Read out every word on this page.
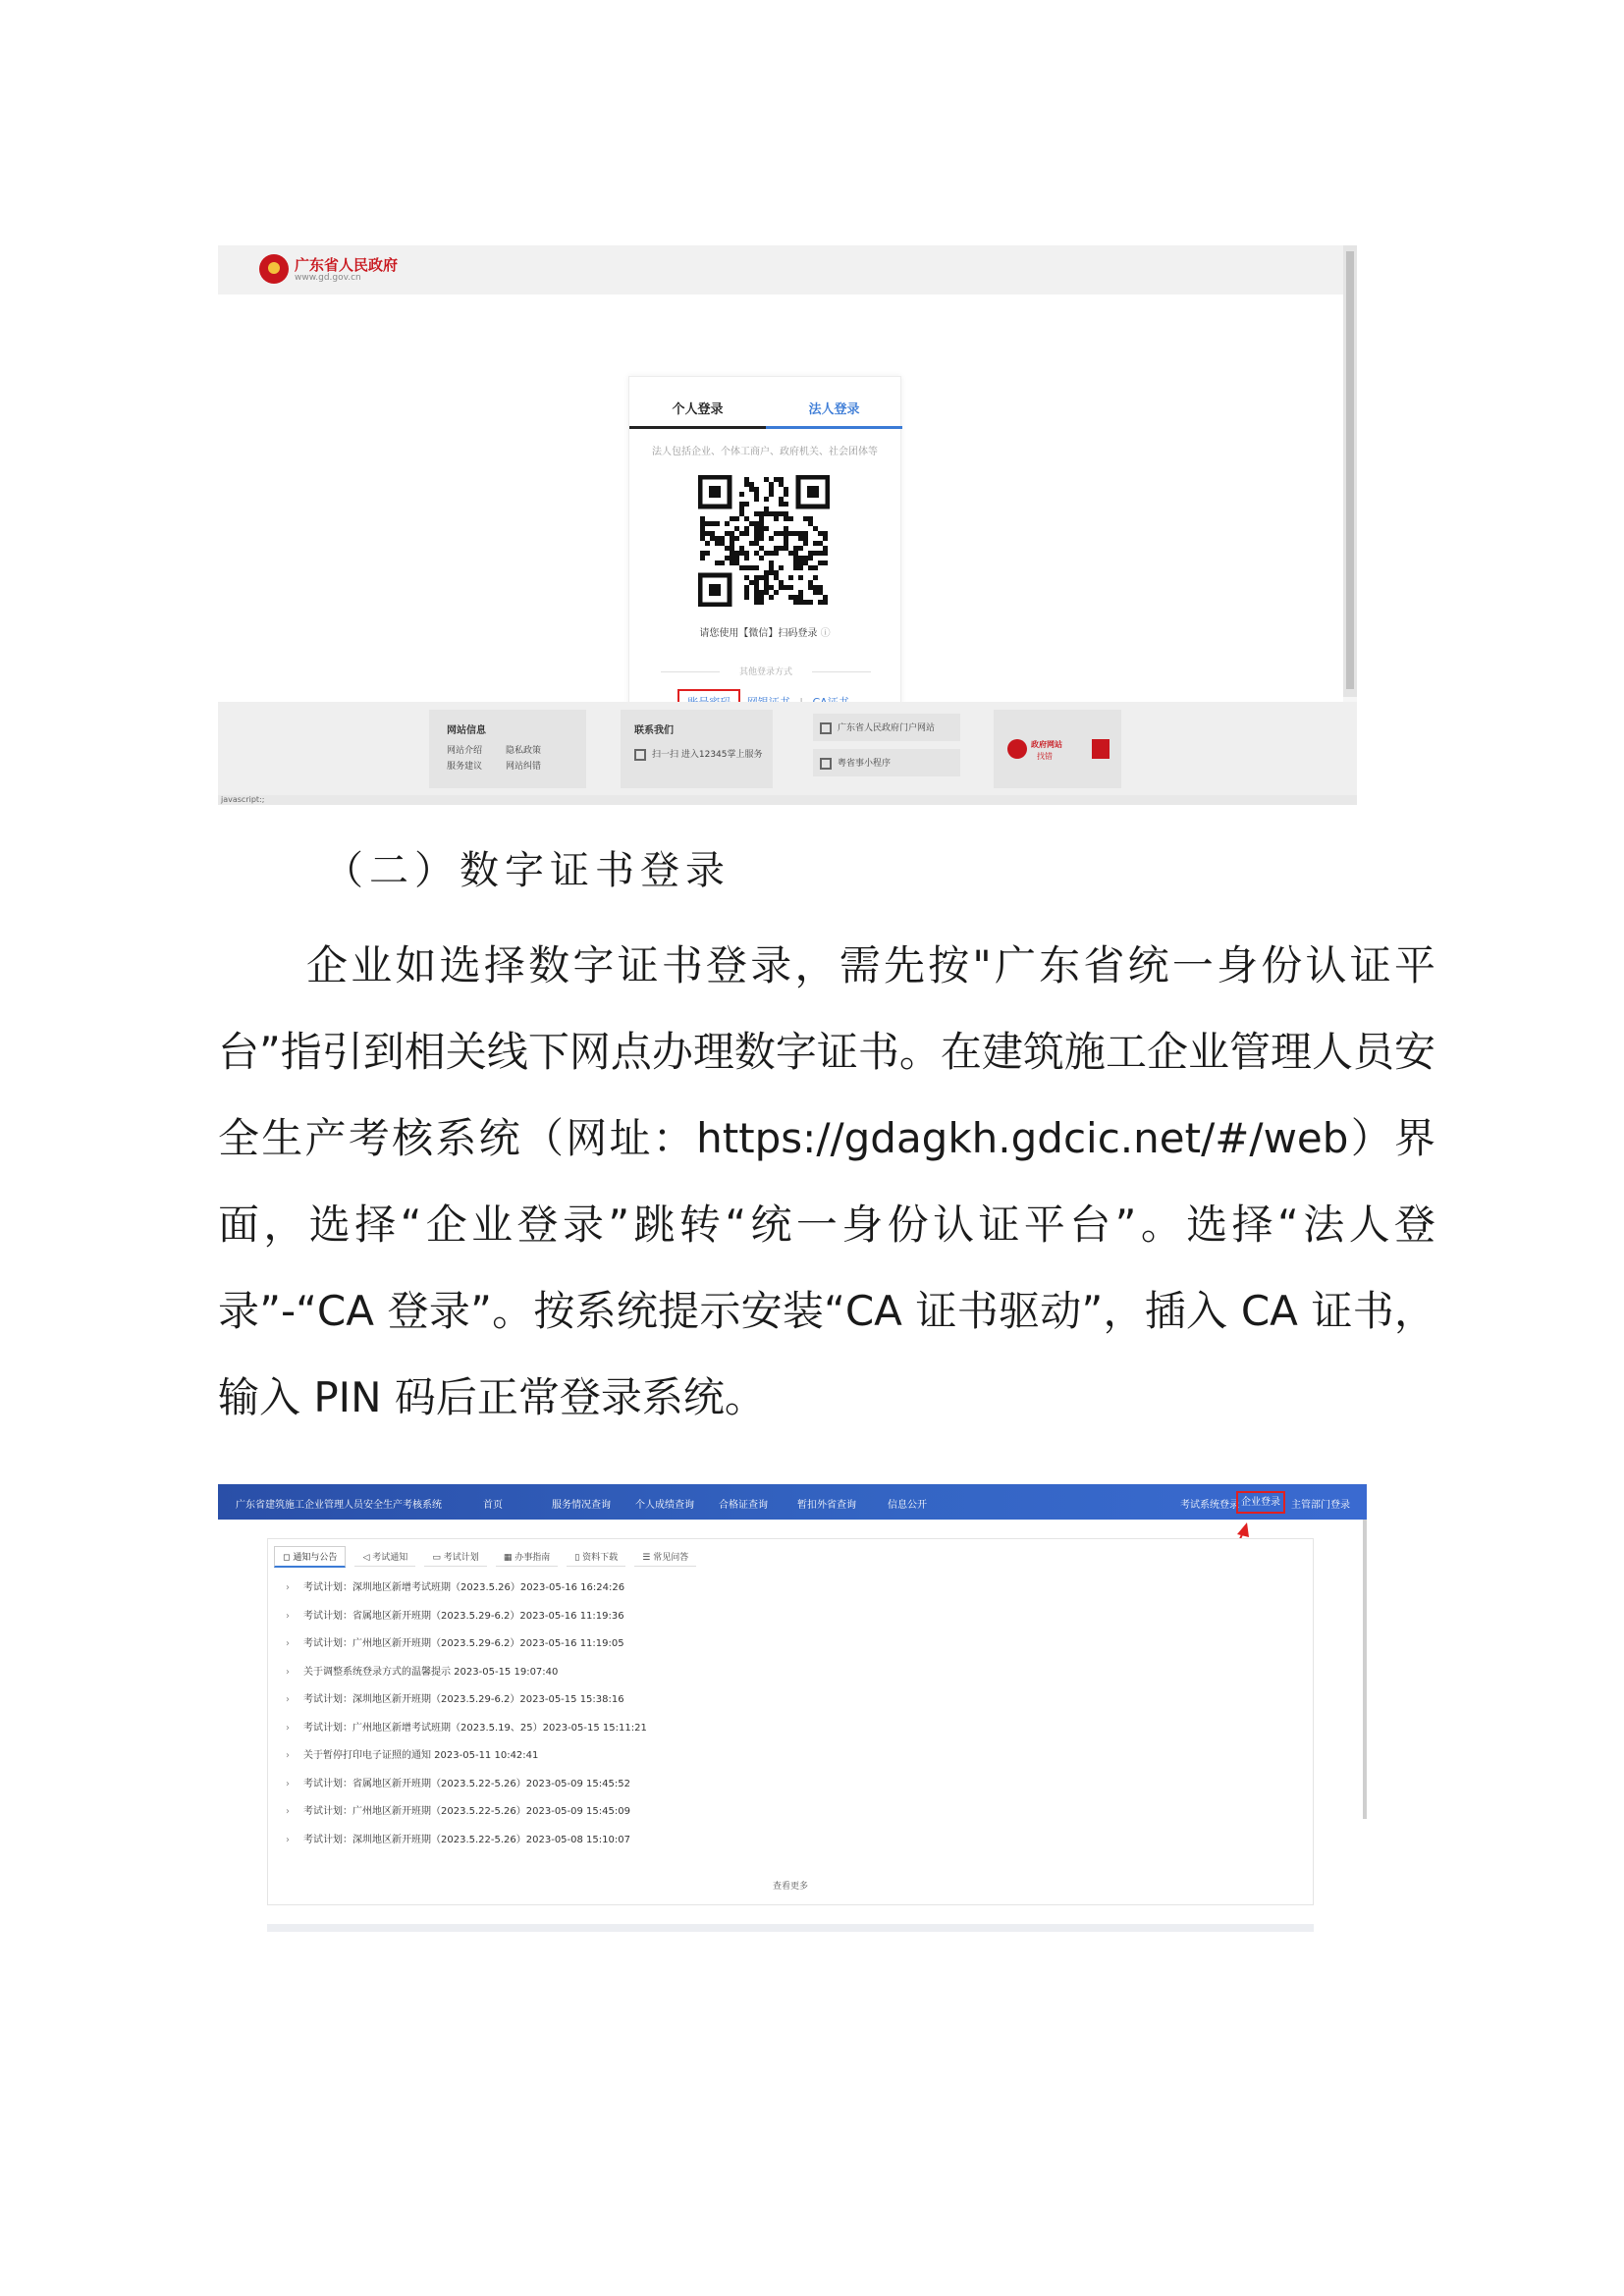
广东省人民政府
www.gd.gov.cn
个人登录	法人登录
法人包括企业、个体工商户、政府机关、社会团体等
请您使用【微信】扫码登录 ⓘ
其他登录方式

网站信息
网站介绍	隐私政策
服务建议	网站纠错
联系我们
扫一扫 进入12345掌上服务
广东省人民政府门户网站
粤省事小程序
政府网站
找错
javascript:;
（二）数字证书登录

企业如选择数字证书登录，需先按"广东省统一身份认证平台”指引到相关线下网点办理数字证书。在建筑施工企业管理人员安全生产考核系统（网址：https://gdagkh.gdcic.net/#/web）界面，选择“企业登录”跳转“统一身份认证平台”。选择“法人登录”-“CA 登录”。按系统提示安装“CA 证书驱动”，插入 CA 证书，输入 PIN 码后正常登录系统。

广东省建筑施工企业管理人员安全生产考核系统	首页	服务情况查询	个人成绩查询	合格证查询	暂扣外省查询	信息公开	考试系统登录 企业登录	主管部门登录
◻ 通知与公告	◁ 考试通知	▭ 考试计划	▦ 办事指南	▯ 资料下载	☰ 常见问答
› 考试计划：深圳地区新增考试班期（2023.5.26）2023-05-16 16:24:26
› 考试计划：省属地区新开班期（2023.5.29-6.2）2023-05-16 11:19:36
› 考试计划：广州地区新开班期（2023.5.29-6.2）2023-05-16 11:19:05
› 关于调整系统登录方式的温馨提示 2023-05-15 19:07:40
› 考试计划：深圳地区新开班期（2023.5.29-6.2）2023-05-15 15:38:16
› 考试计划：广州地区新增考试班期（2023.5.19、25）2023-05-15 15:11:21
› 关于暂停打印电子证照的通知 2023-05-11 10:42:41
› 考试计划：省属地区新开班期（2023.5.22-5.26）2023-05-09 15:45:52
› 考试计划：广州地区新开班期（2023.5.22-5.26）2023-05-09 15:45:09
› 考试计划：深圳地区新开班期（2023.5.22-5.26）2023-05-08 15:10:07
查看更多
